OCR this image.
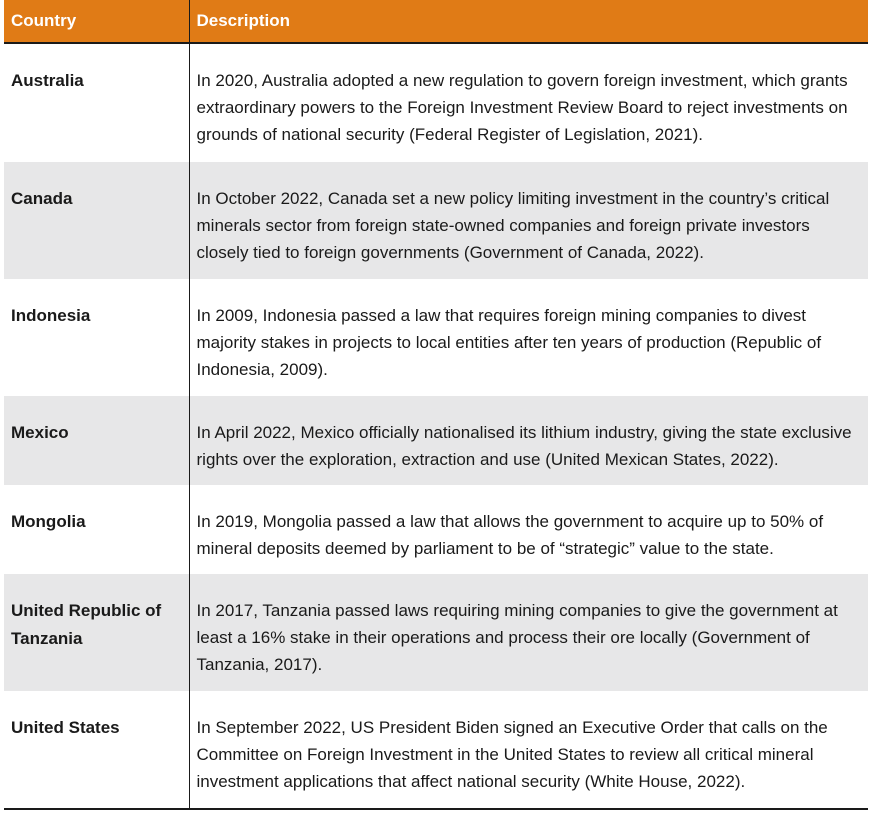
Country	Description
Australia	In 2020, Australia adopted a new regulation to govern foreign investment, which grants extraordinary powers to the Foreign Investment Review Board to reject investments on grounds of national security (Federal Register of Legislation, 2021).
Canada	In October 2022, Canada set a new policy limiting investment in the country’s critical minerals sector from foreign state-owned companies and foreign private investors closely tied to foreign governments (Government of Canada, 2022).
Indonesia	In 2009, Indonesia passed a law that requires foreign mining companies to divest majority stakes in projects to local entities after ten years of production (Republic of Indonesia, 2009).
Mexico	In April 2022, Mexico officially nationalised its lithium industry, giving the state exclusive rights over the exploration, extraction and use (United Mexican States, 2022).
Mongolia	In 2019, Mongolia passed a law that allows the government to acquire up to 50% of mineral deposits deemed by parliament to be of “strategic” value to the state.
United Republic of Tanzania	In 2017, Tanzania passed laws requiring mining companies to give the government at least a 16% stake in their operations and process their ore locally (Government of Tanzania, 2017).
United States	In September 2022, US President Biden signed an Executive Order that calls on the Committee on Foreign Investment in the United States to review all critical mineral investment applications that affect national security (White House, 2022).
